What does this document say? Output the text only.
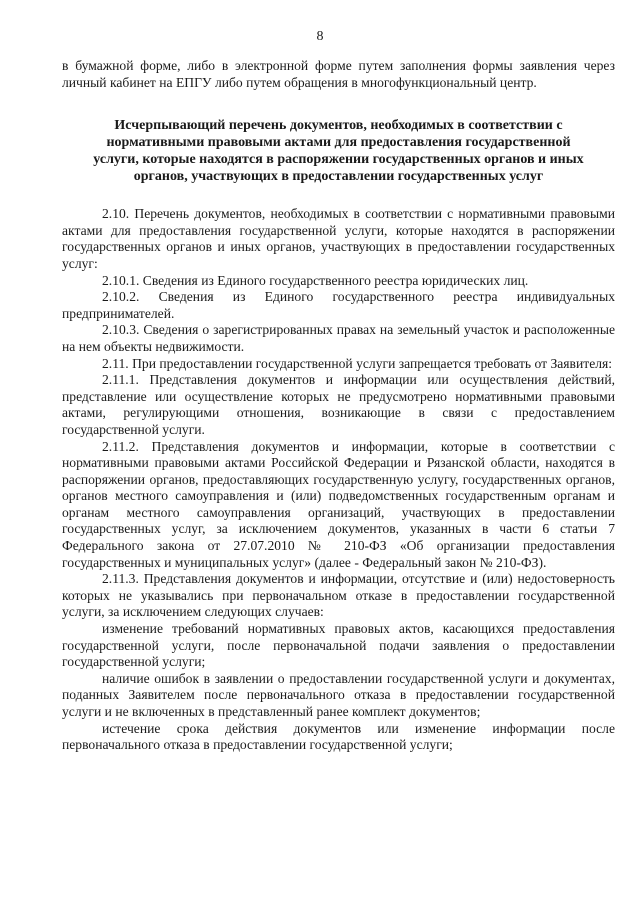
8

в бумажной форме, либо в электронной форме путем заполнения формы заявления через личный кабинет на ЕПГУ либо путем обращения в многофункциональный центр.

Исчерпывающий перечень документов, необходимых в соответствии с
нормативными правовыми актами для предоставления государственной
услуги, которые находятся в распоряжении государственных органов и иных
органов, участвующих в предоставлении государственных услуг

2.10. Перечень документов, необходимых в соответствии с нормативными правовыми актами для предоставления государственной услуги, которые находятся в распоряжении государственных органов и иных органов, участвующих в предоставлении государственных услуг:

2.10.1. Сведения из Единого государственного реестра юридических лиц.

2.10.2. Сведения из Единого государственного реестра индивидуальных предпринимателей.

2.10.3. Сведения о зарегистрированных правах на земельный участок и расположенные на нем объекты недвижимости.

2.11. При предоставлении государственной услуги запрещается требовать от Заявителя:

2.11.1. Представления документов и информации или осуществления действий, представление или осуществление которых не предусмотрено нормативными правовыми актами, регулирующими отношения, возникающие в связи с предоставлением государственной услуги.

2.11.2. Представления документов и информации, которые в соответствии с нормативными правовыми актами Российской Федерации и Рязанской области, находятся в распоряжении органов, предоставляющих государственную услугу, государственных органов, органов местного самоуправления и (или) подведомственных государственным органам и органам местного самоуправления организаций, участвующих в предоставлении государственных услуг, за исключением документов, указанных в части 6 статьи 7 Федерального закона от 27.07.2010 № 210-ФЗ «Об организации предоставления государственных и муниципальных услуг» (далее - Федеральный закон № 210-ФЗ).

2.11.3. Представления документов и информации, отсутствие и (или) недостоверность которых не указывались при первоначальном отказе в предоставлении государственной услуги, за исключением следующих случаев:

изменение требований нормативных правовых актов, касающихся предоставления государственной услуги, после первоначальной подачи заявления о предоставлении государственной услуги;

наличие ошибок в заявлении о предоставлении государственной услуги и документах, поданных Заявителем после первоначального отказа в предоставлении государственной услуги и не включенных в представленный ранее комплект документов;

истечение срока действия документов или изменение информации после первоначального отказа в предоставлении государственной услуги;
